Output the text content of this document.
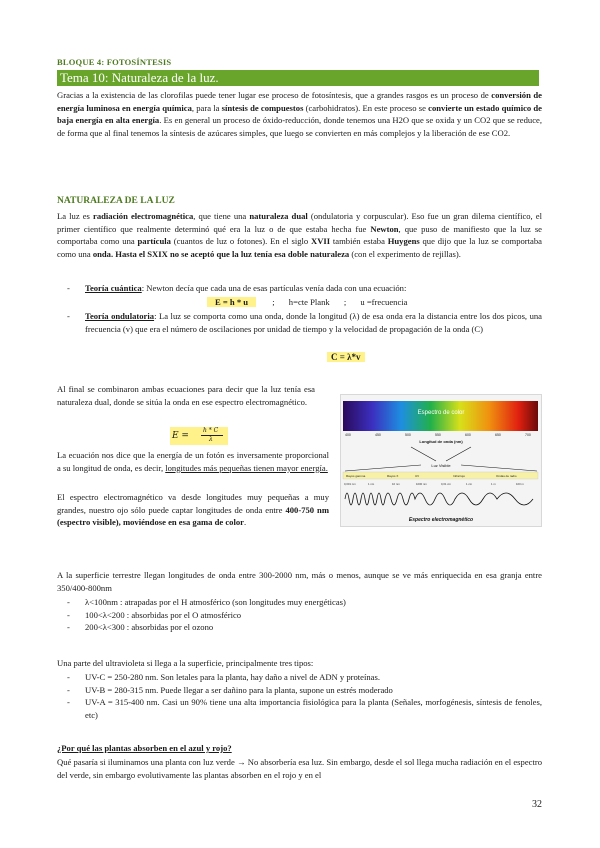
BLOQUE 4: FOTOSÍNTESIS
Tema 10: Naturaleza de la luz.
Gracias a la existencia de las clorofilas puede tener lugar ese proceso de fotosíntesis, que a grandes rasgos es un proceso de conversión de energía luminosa en energía química, para la síntesis de compuestos (carbohidratos). En este proceso se convierte un estado químico de baja energía en alta energía. Es en general un proceso de óxido-reducción, donde tenemos una H2O que se oxida y un CO2 que se reduce, de forma que al final tenemos la síntesis de azúcares simples, que luego se convierten en más complejos y la liberación de ese CO2.
NATURALEZA DE LA LUZ
La luz es radiación electromagnética, que tiene una naturaleza dual (ondulatoria y corpuscular). Eso fue un gran dilema científico, el primer científico que realmente determinó qué era la luz o de que estaba hecha fue Newton, que puso de manifiesto que la luz se comportaba como una partícula (cuantos de luz o fotones). En el siglo XVII también estaba Huygens que dijo que la luz se comportaba como una onda. Hasta el SXIX no se aceptó que la luz tenía esa doble naturaleza (con el experimento de rejillas).
- Teoría cuántica: Newton decía que cada una de esas partículas venía dada con una ecuación:
E = h * u	; h=cte Plank ; u =frecuencia
- Teoría ondulatoria: La luz se comporta como una onda, donde la longitud (λ) de esa onda era la distancia entre los dos picos, una frecuencia (v) que era el número de oscilaciones por unidad de tiempo y la velocidad de propagación de la onda (C)
C = λ*v
Al final se combinaron ambas ecuaciones para decir que la luz tenía esa naturaleza dual, donde se sitúa la onda en ese espectro electromagnético.
E =
h * C
λ
La ecuación nos dice que la energía de un fotón es inversamente proporcional a su longitud de onda, es decir, longitudes más pequeñas tienen mayor energía.
El espectro electromagnético va desde longitudes muy pequeñas a muy grandes, nuestro ojo sólo puede captar longitudes de onda entre 400-750 nm (espectro visible), moviéndose en esa gama de color.
Espectro de color
400	450	500	550	600	650	700
Longitud de onda (nm)
Luz Visible
Rayos gamma	Rayos X	UV	Infrarrojo	Ondas de radio
0,001 nm	1 nm	10 nm	1000 nm	0,01 cm	1 cm	1 m	100 m
Espectro electromagnético
A la superficie terrestre llegan longitudes de onda entre 300-2000 nm, más o menos, aunque se ve más enriquecida en esa granja entre 350/400-800nm
- λ<100nm : atrapadas por el H atmosférico (son longitudes muy energéticas)
- 100<λ<200 : absorbidas por el O atmosférico
- 200<λ<300 : absorbidas por el ozono
Una parte del ultravioleta si llega a la superficie, principalmente tres tipos:
- UV-C = 250-280 nm. Son letales para la planta, hay daño a nivel de ADN y proteínas.
- UV-B = 280-315 nm. Puede llegar a ser dañino para la planta, supone un estrés moderado
- UV-A = 315-400 nm. Casi un 90% tiene una alta importancia fisiológica para la planta (Señales, morfogénesis, síntesis de fenoles, etc)
¿Por qué las plantas absorben en el azul y rojo?
Qué pasaría si iluminamos una planta con luz verde → No absorbería esa luz. Sin embargo, desde el sol llega mucha radiación en el espectro del verde, sin embargo evolutivamente las plantas absorben en el rojo y en el
32
